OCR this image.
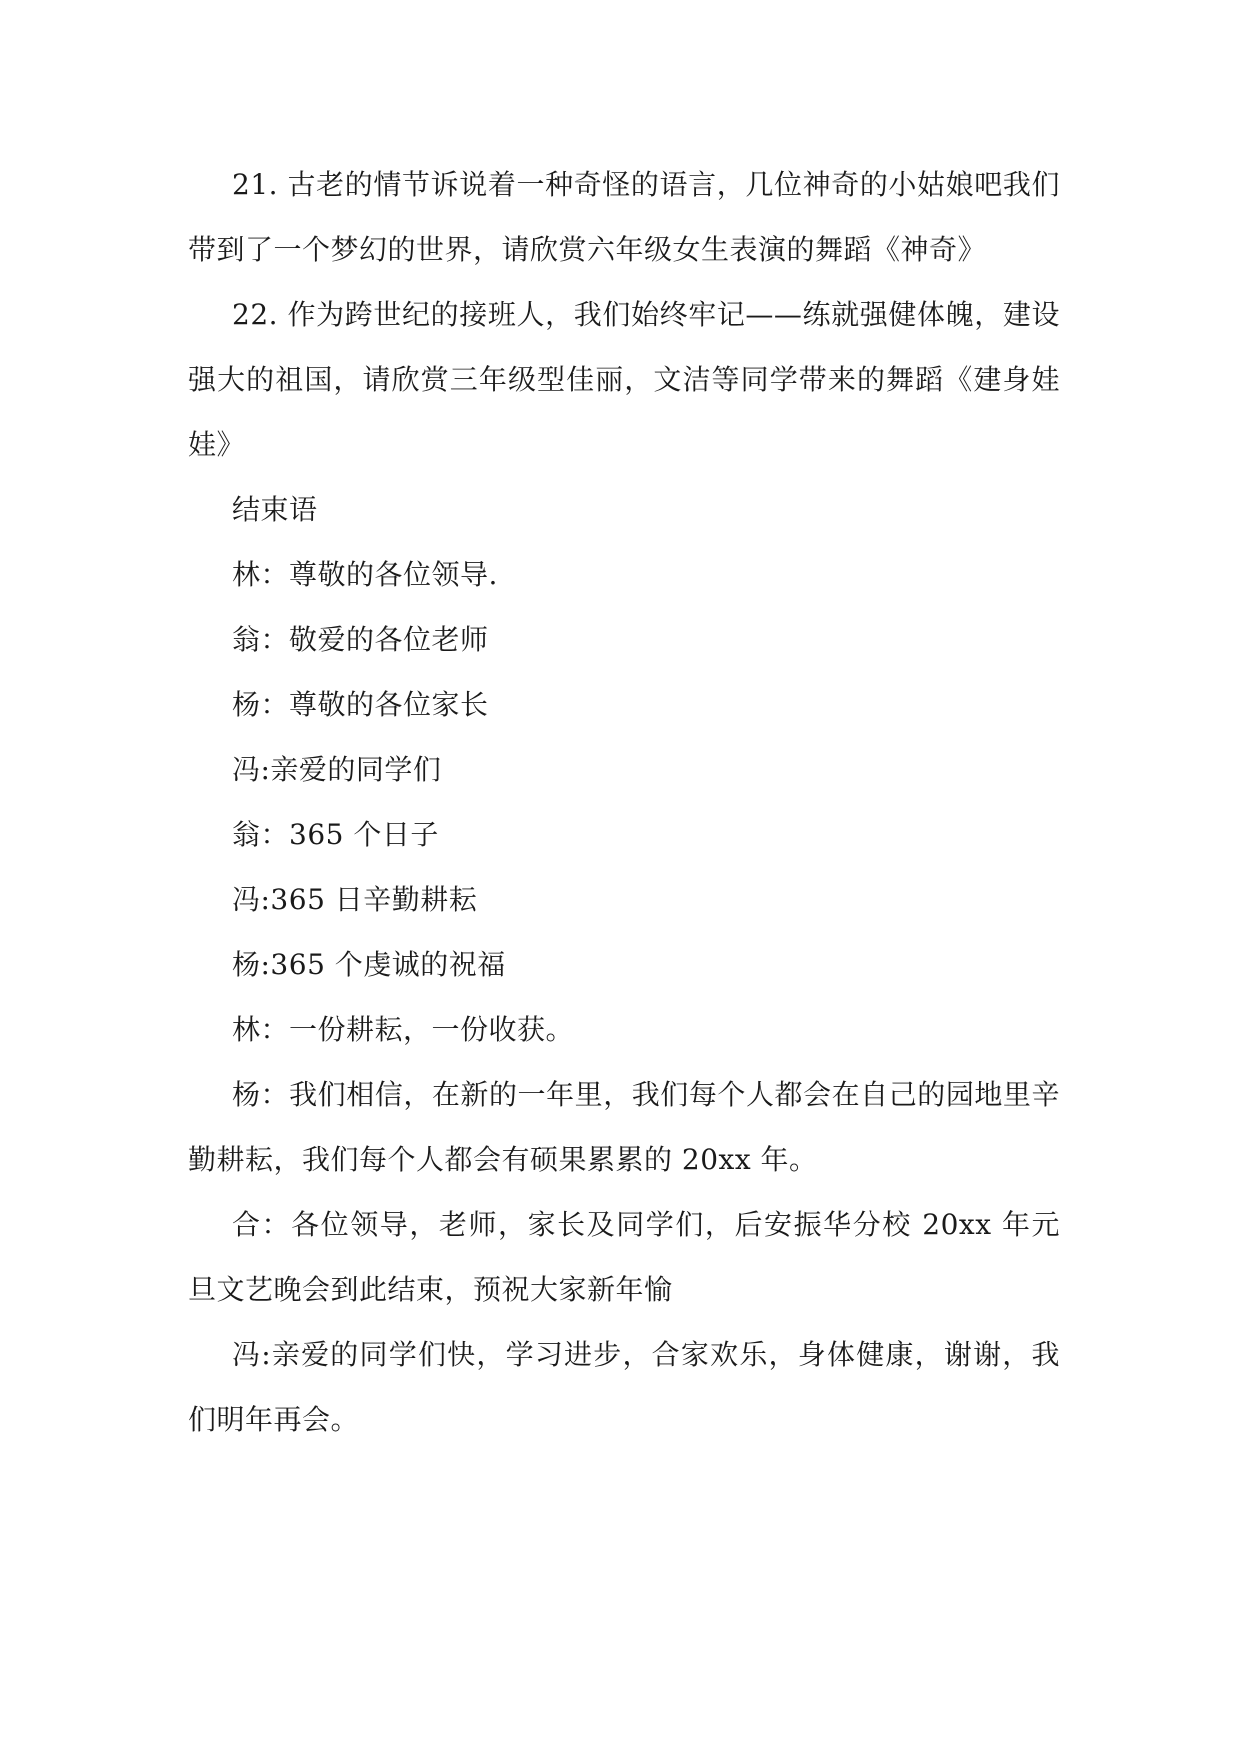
21. 古老的情节诉说着一种奇怪的语言，几位神奇的小姑娘吧我们带到了一个梦幻的世界，请欣赏六年级女生表演的舞蹈《神奇》

22. 作为跨世纪的接班人，我们始终牢记——练就强健体魄，建设强大的祖国，请欣赏三年级型佳丽，文洁等同学带来的舞蹈《建身娃娃》

结束语

林：尊敬的各位领导.

翁：敬爱的各位老师

杨：尊敬的各位家长

冯:亲爱的同学们

翁：365 个日子

冯:365 日辛勤耕耘

杨:365 个虔诚的祝福

林：一份耕耘，一份收获。

杨：我们相信，在新的一年里，我们每个人都会在自己的园地里辛勤耕耘，我们每个人都会有硕果累累的 20xx 年。

合：各位领导，老师，家长及同学们，后安振华分校 20xx 年元旦文艺晚会到此结束，预祝大家新年愉

冯:亲爱的同学们快，学习进步，合家欢乐，身体健康，谢谢，我们明年再会。
